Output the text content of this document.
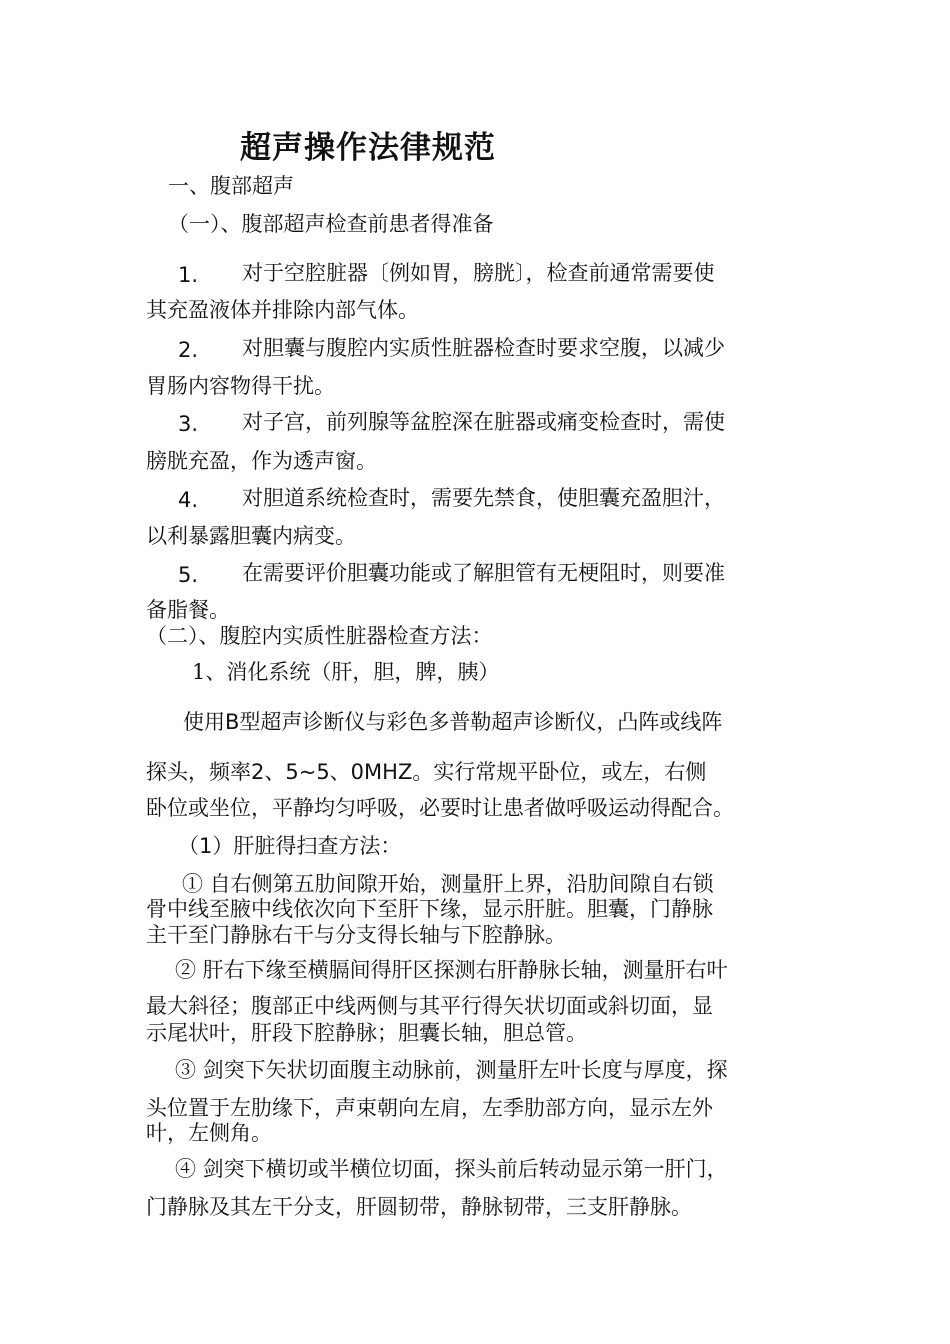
超声操作法律规范
一、腹部超声
（一）、腹部超声检查前患者得准备
1. 对于空腔脏器〔例如胃，膀胱〕，检查前通常需要使
其充盈液体并排除内部气体。
2. 对胆囊与腹腔内实质性脏器检查时要求空腹，以减少
胃肠内容物得干扰。
3. 对子宫，前列腺等盆腔深在脏器或痛变检查时，需使
膀胱充盈，作为透声窗。
4. 对胆道系统检查时，需要先禁食，使胆囊充盈胆汁，
以利暴露胆囊内病变。
5. 在需要评价胆囊功能或了解胆管有无梗阻时，则要准
备脂餐。
（二）、腹腔内实质性脏器检查方法：
1、消化系统（肝，胆，脾，胰）
使用B型超声诊断仪与彩色多普勒超声诊断仪，凸阵或线阵
探头，频率2、5~5、0MHZ。实行常规平卧位，或左，右侧
卧位或坐位，平静均匀呼吸，必要时让患者做呼吸运动得配合。
（1）肝脏得扫查方法：
① 自右侧第五肋间隙开始，测量肝上界，沿肋间隙自右锁
骨中线至腋中线依次向下至肝下缘，显示肝脏。胆囊，门静脉
主干至门静脉右干与分支得长轴与下腔静脉。
② 肝右下缘至横膈间得肝区探测右肝静脉长轴，测量肝右叶
最大斜径；腹部正中线两侧与其平行得矢状切面或斜切面，显
示尾状叶，肝段下腔静脉；胆囊长轴，胆总管。
③ 剑突下矢状切面腹主动脉前，测量肝左叶长度与厚度，探
头位置于左肋缘下，声束朝向左肩，左季肋部方向，显示左外
叶，左侧角。
④ 剑突下横切或半横位切面，探头前后转动显示第一肝门，
门静脉及其左干分支，肝圆韧带，静脉韧带，三支肝静脉。
